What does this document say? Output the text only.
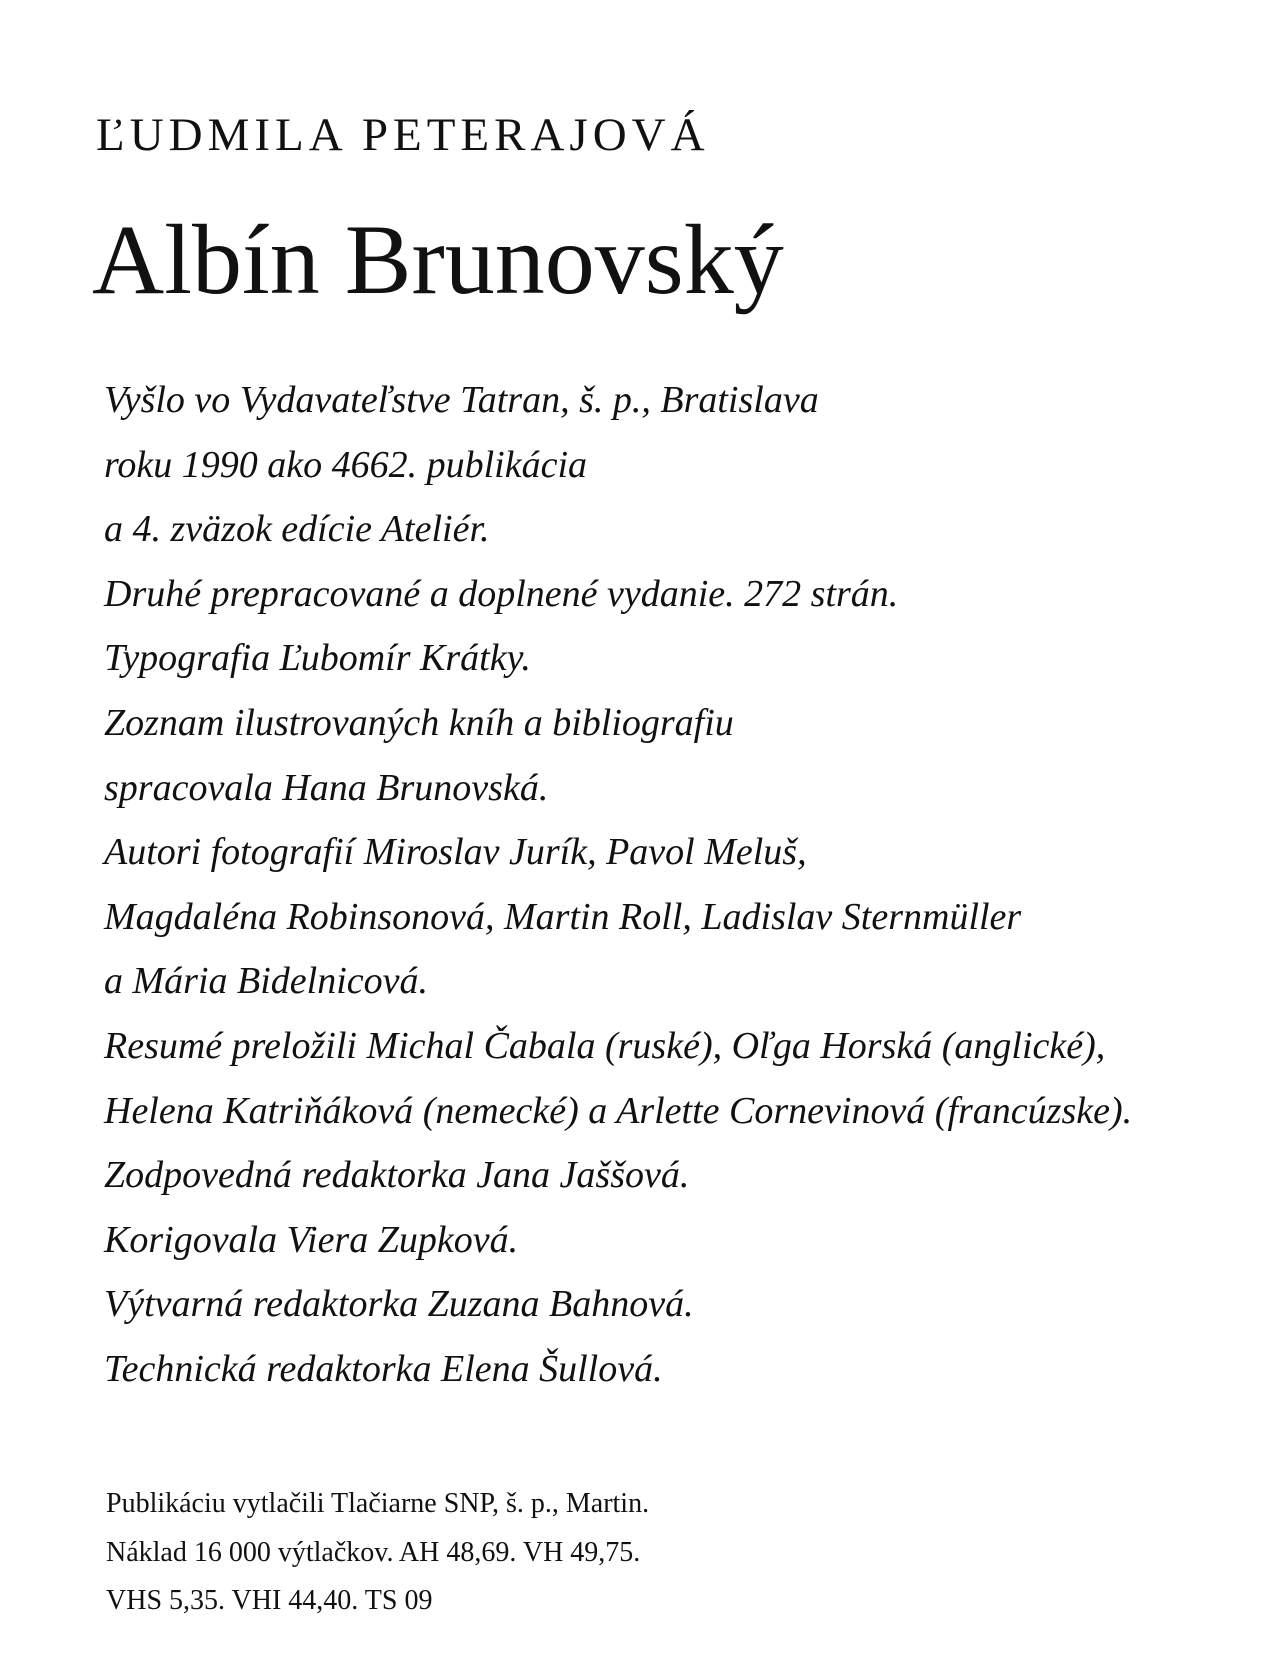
ĽUDMILA PETERAJOVÁ
Albín Brunovský
Vyšlo vo Vydavateľstve Tatran, š. p., Bratislava
roku 1990 ako 4662. publikácia
a 4. zväzok edície Ateliér.
Druhé prepracované a doplnené vydanie. 272 strán.
Typografia Ľubomír Krátky.
Zoznam ilustrovaných kníh a bibliografiu
spracovala Hana Brunovská.
Autori fotografií Miroslav Jurík, Pavol Meluš,
Magdaléna Robinsonová, Martin Roll, Ladislav Sternmüller
a Mária Bidelnicová.
Resumé preložili Michal Čabala (ruské), Oľga Horská (anglické),
Helena Katriňáková (nemecké) a Arlette Cornevinová (francúzske).
Zodpovedná redaktorka Jana Jaššová.
Korigovala Viera Zupková.
Výtvarná redaktorka Zuzana Bahnová.
Technická redaktorka Elena Šullová.
Publikáciu vytlačili Tlačiarne SNP, š. p., Martin.
Náklad 16 000 výtlačkov. AH 48,69. VH 49,75.
VHS 5,35. VHI 44,40. TS 09
